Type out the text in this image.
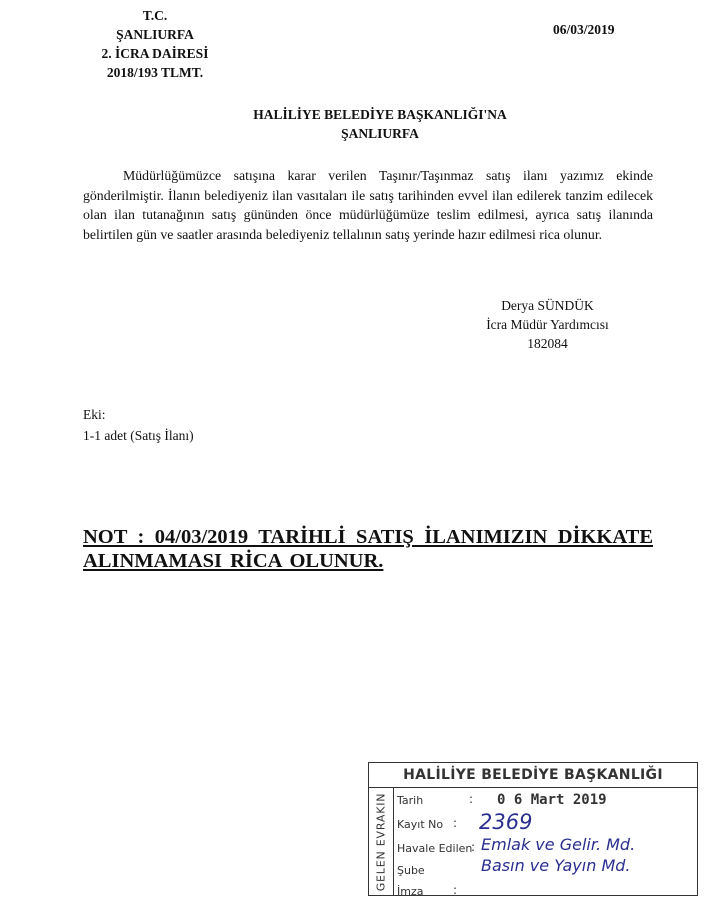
T.C.
ŞANLIURFA
2. İCRA DAİRESİ
2018/193 TLMT.
06/03/2019
HALİLİYE BELEDİYE BAŞKANLIĞI'NA
ŞANLIURFA
Müdürlüğümüzce satışına karar verilen Taşınır/Taşınmaz satış ilanı yazımız ekinde gönderilmiştir. İlanın belediyeniz ilan vasıtaları ile satış tarihinden evvel ilan edilerek tanzim edilecek olan ilan tutanağının satış gününden önce müdürlüğümüze teslim edilmesi, ayrıca satış ilanında belirtilen gün ve saatler arasında belediyeniz tellalının satış yerinde hazır edilmesi rica olunur.
Derya SÜNDÜK
İcra Müdür Yardımcısı
182084
Eki:
1-1 adet (Satış İlanı)
NOT : 04/03/2019 TARİHLİ SATIŞ İLANIMIZIN DİKKATE ALINMAMASI RİCA OLUNUR.
HALİLİYE BELEDİYE BAŞKANLIĞI
GELEN EVRAKIN Tarih	: 0 6 Mart 2019
Kayıt No : 2369
Havale Edilen
: Emlak ve Gelir. Md.
Şube	Basın ve Yayın Md.
İmza :
